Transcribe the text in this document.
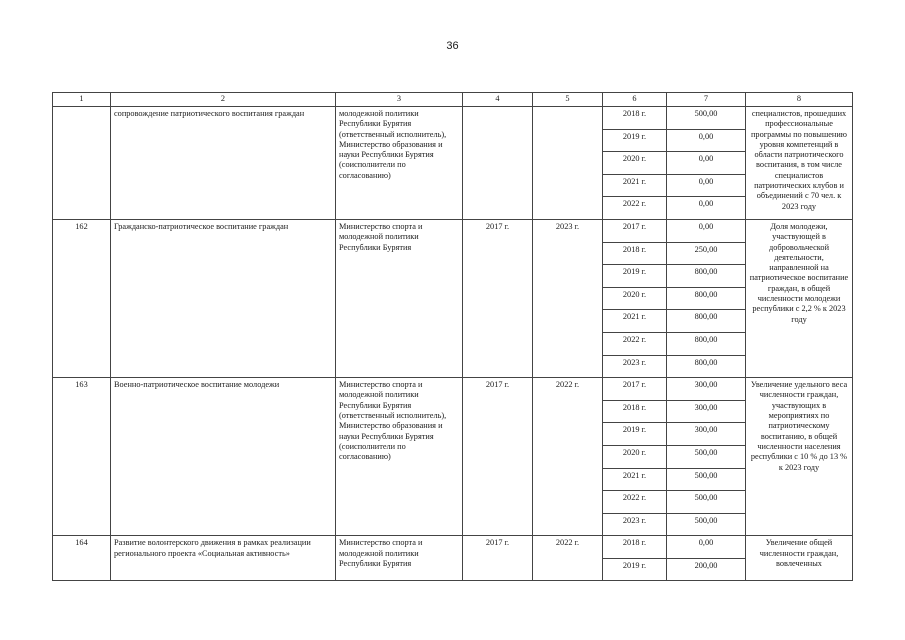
36
1	2	3	4	5	6	7	8
	сопровождение патриотического воспитания граждан	молодежной политики Республики Бурятия (ответственный исполнитель), Министерство образования и науки Республики Бурятия (соисполнители по согласованию)			2018 г.	500,00	специалистов, прошедших профессиональные программы по повышению уровня компетенций в области патриотического воспитания, в том числе специалистов патриотических клубов и объединений с 70 чел. к 2023 году
					2019 г.	0,00	
					2020 г.	0,00	
					2021 г.	0,00	
					2022 г.	0,00	
162	Гражданско-патриотическое воспитание граждан	Министерство спорта и молодежной политики Республики Бурятия	2017 г.	2023 г.	2017 г.	0,00	Доля молодежи, участвующей в добровольческой деятельности, направленной на патриотическое воспитание граждан, в общей численности молодежи республики с 2,2 % к 2023 году
					2018 г.	250,00	
					2019 г.	800,00	
					2020 г.	800,00	
					2021 г.	800,00	
					2022 г.	800,00	
					2023 г.	800,00	
163	Военно-патриотическое воспитание молодежи	Министерство спорта и молодежной политики Республики Бурятия (ответственный исполнитель), Министерство образования и науки Республики Бурятия (соисполнители по согласованию)	2017 г.	2022 г.	2017 г.	300,00	Увеличение удельного веса численности граждан, участвующих в мероприятиях по патриотическому воспитанию, в общей численности населения республики с 10 % до 13 % к 2023 году
					2018 г.	300,00	
					2019 г.	300,00	
					2020 г.	500,00	
					2021 г.	500,00	
					2022 г.	500,00	
					2023 г.	500,00	
164	Развитие волонтерского движения в рамках реализации регионального проекта «Социальная активность»	Министерство спорта и молодежной политики Республики Бурятия	2017 г.	2022 г.	2018 г.	0,00	Увеличение общей численности граждан, вовлеченных
					2019 г.	200,00	
